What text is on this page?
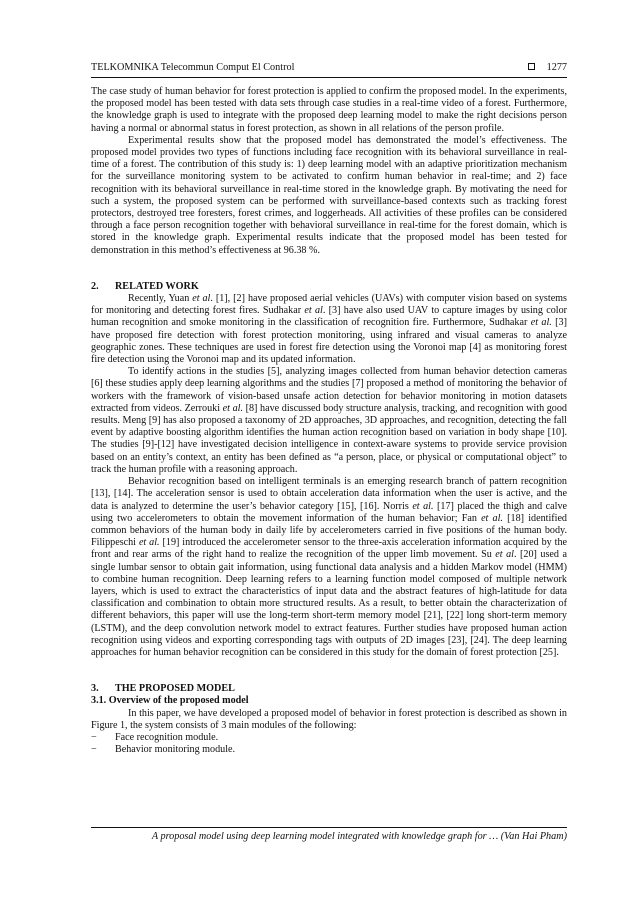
TELKOMNIKA Telecommun Comput El Control	1277

The case study of human behavior for forest protection is applied to confirm the proposed model. In the experiments, the proposed model has been tested with data sets through case studies in a real-time video of a forest. Furthermore, the knowledge graph is used to integrate with the proposed deep learning model to make the right decisions person having a normal or abnormal status in forest protection, as shown in all relations of the person profile.

Experimental results show that the proposed model has demonstrated the model’s effectiveness. The proposed model provides two types of functions including face recognition with its behavioral surveillance in real-time of a forest. The contribution of this study is: 1) deep learning model with an adaptive prioritization mechanism for the surveillance monitoring system to be activated to confirm human behavior in real-time; and 2) face recognition with its behavioral surveillance in real-time stored in the knowledge graph. By motivating the need for such a system, the proposed system can be performed with surveillance-based contexts such as tracking forest protectors, destroyed tree foresters, forest crimes, and loggerheads. All activities of these profiles can be considered through a face person recognition together with behavioral surveillance in real-time for the forest domain, which is stored in the knowledge graph. Experimental results indicate that the proposed model has been tested for demonstration in this method’s effectiveness at 96.38 %.

2. RELATED WORK

Recently, Yuan et al. [1], [2] have proposed aerial vehicles (UAVs) with computer vision based on systems for monitoring and detecting forest fires. Sudhakar et al. [3] have also used UAV to capture images by using color human recognition and smoke monitoring in the classification of recognition fire. Furthermore, Sudhakar et al. [3] have proposed fire detection with forest protection monitoring, using infrared and visual cameras to analyze geographic zones. These techniques are used in forest fire detection using the Voronoi map [4] as monitoring forest fire detection using the Voronoi map and its updated information.

To identify actions in the studies [5], analyzing images collected from human behavior detection cameras [6] these studies apply deep learning algorithms and the studies [7] proposed a method of monitoring the behavior of workers with the framework of vision-based unsafe action detection for behavior monitoring in motion datasets extracted from videos. Zerrouki et al. [8] have discussed body structure analysis, tracking, and recognition with good results. Meng [9] has also proposed a taxonomy of 2D approaches, 3D approaches, and recognition, detecting the fall event by adaptive boosting algorithm identifies the human action recognition based on variation in body shape [10]. The studies [9]-[12] have investigated decision intelligence in context-aware systems to provide service provision based on an entity’s context, an entity has been defined as “a person, place, or physical or computational object” to track the human profile with a reasoning approach.

Behavior recognition based on intelligent terminals is an emerging research branch of pattern recognition [13], [14]. The acceleration sensor is used to obtain acceleration data information when the user is active, and the data is analyzed to determine the user’s behavior category [15], [16]. Norris et al. [17] placed the thigh and calve using two accelerometers to obtain the movement information of the human behavior; Fan et al. [18] identified common behaviors of the human body in daily life by accelerometers carried in five positions of the human body. Filippeschi et al. [19] introduced the accelerometer sensor to the three-axis acceleration information acquired by the front and rear arms of the right hand to realize the recognition of the upper limb movement. Su et al. [20] used a single lumbar sensor to obtain gait information, using functional data analysis and a hidden Markov model (HMM) to combine human recognition. Deep learning refers to a learning function model composed of multiple network layers, which is used to extract the characteristics of input data and the abstract features of high-latitude for data classification and combination to obtain more structured results. As a result, to better obtain the characterization of different behaviors, this paper will use the long-term short-term memory model [21], [22] long short-term memory (LSTM), and the deep convolution network model to extract features. Further studies have proposed human action recognition using videos and exporting corresponding tags with outputs of 2D images [23], [24]. The deep learning approaches for human behavior recognition can be considered in this study for the domain of forest protection [25].

3. THE PROPOSED MODEL

3.1. Overview of the proposed model

In this paper, we have developed a proposed model of behavior in forest protection is described as shown in Figure 1, the system consists of 3 main modules of the following:

− Face recognition module.

− Behavior monitoring module.

A proposal model using deep learning model integrated with knowledge graph for … (Van Hai Pham)
